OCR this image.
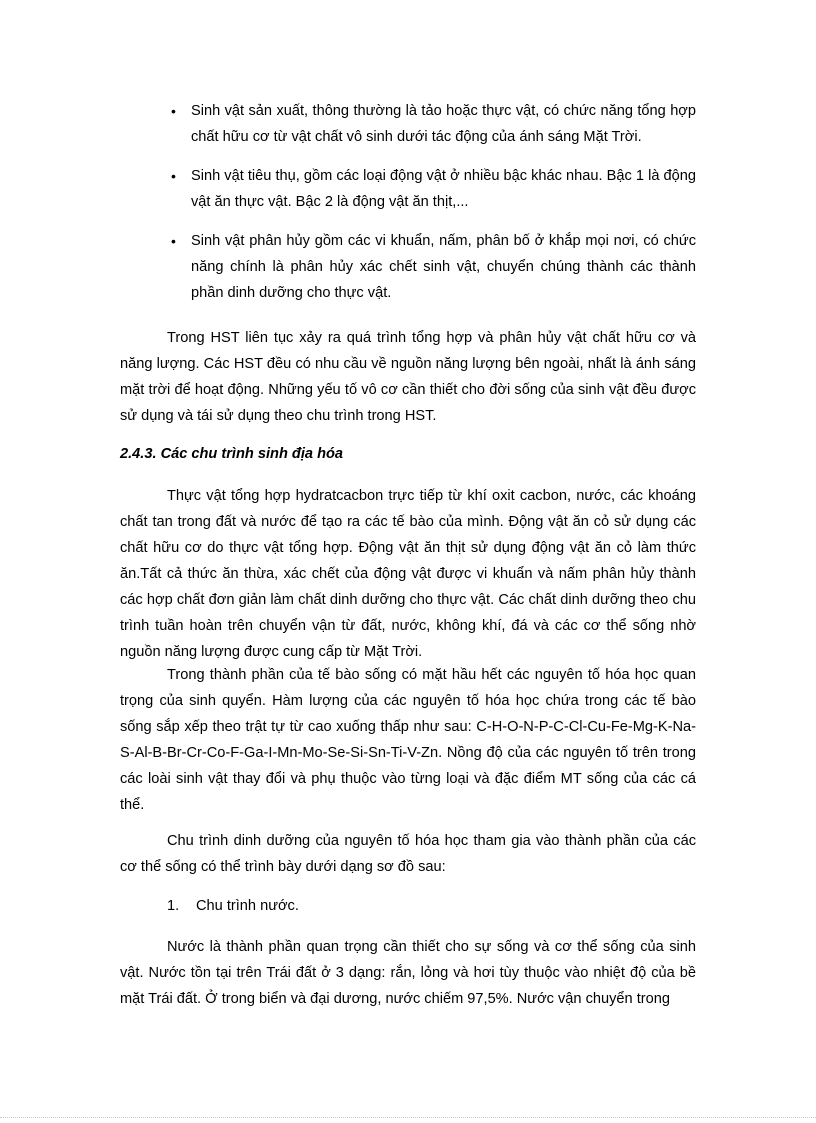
• Sinh vật sản xuất, thông thường là tảo hoặc thực vật, có chức năng tổng hợp chất hữu cơ từ vật chất vô sinh dưới tác động của ánh sáng Mặt Trời.
• Sinh vật tiêu thụ, gồm các loại động vật ở nhiều bậc khác nhau. Bậc 1 là động vật ăn thực vật. Bậc 2 là động vật ăn thịt,...
• Sinh vật phân hủy gồm các vi khuẩn, nấm, phân bố ở khắp mọi nơi, có chức năng chính là phân hủy xác chết sinh vật, chuyển chúng thành các thành phần dinh dưỡng cho thực vật.

Trong HST liên tục xảy ra quá trình tổng hợp và phân hủy vật chất hữu cơ và năng lượng. Các HST đều có nhu cầu về nguồn năng lượng bên ngoài, nhất là ánh sáng mặt trời để hoạt động. Những yếu tố vô cơ cần thiết cho đời sống của sinh vật đều được sử dụng và tái sử dụng theo chu trình trong HST.

2.4.3. Các chu trình sinh địa hóa

Thực vật tổng hợp hydratcacbon trực tiếp từ khí oxit cacbon, nước, các khoáng chất tan trong đất và nước để tạo ra các tế bào của mình. Động vật ăn cỏ sử dụng các chất hữu cơ do thực vật tổng hợp. Động vật ăn thịt sử dụng động vật ăn cỏ làm thức ăn.Tất cả thức ăn thừa, xác chết của động vật được vi khuẩn và nấm phân hủy thành các hợp chất đơn giản làm chất dinh dưỡng cho thực vật. Các chất dinh dưỡng theo chu trình tuần hoàn trên chuyển vận từ đất, nước, không khí, đá và các cơ thể sống nhờ nguồn năng lượng được cung cấp từ Mặt Trời.

Trong thành phần của tế bào sống có mặt hầu hết các nguyên tố hóa học quan trọng của sinh quyển. Hàm lượng của các nguyên tố hóa học chứa trong các tế bào sống sắp xếp theo trật tự từ cao xuống thấp như sau: C-H-O-N-P-C-Cl-Cu-Fe-Mg-K-Na-S-Al-B-Br-Cr-Co-F-Ga-I-Mn-Mo-Se-Si-Sn-Ti-V-Zn. Nồng độ của các nguyên tố trên trong các loài sinh vật thay đổi và phụ thuộc vào từng loại và đặc điểm MT sống của các cá thể.

Chu trình dinh dưỡng của nguyên tố hóa học tham gia vào thành phần của các cơ thể sống có thể trình bày dưới dạng sơ đồ sau:

1. Chu trình nước.

Nước là thành phần quan trọng cần thiết cho sự sống và cơ thể sống của sinh vật. Nước tồn tại trên Trái đất ở 3 dạng: rắn, lỏng và hơi tùy thuộc vào nhiệt độ của bề mặt Trái đất. Ở trong biển và đại dương, nước chiếm 97,5%. Nước vận chuyển trong
